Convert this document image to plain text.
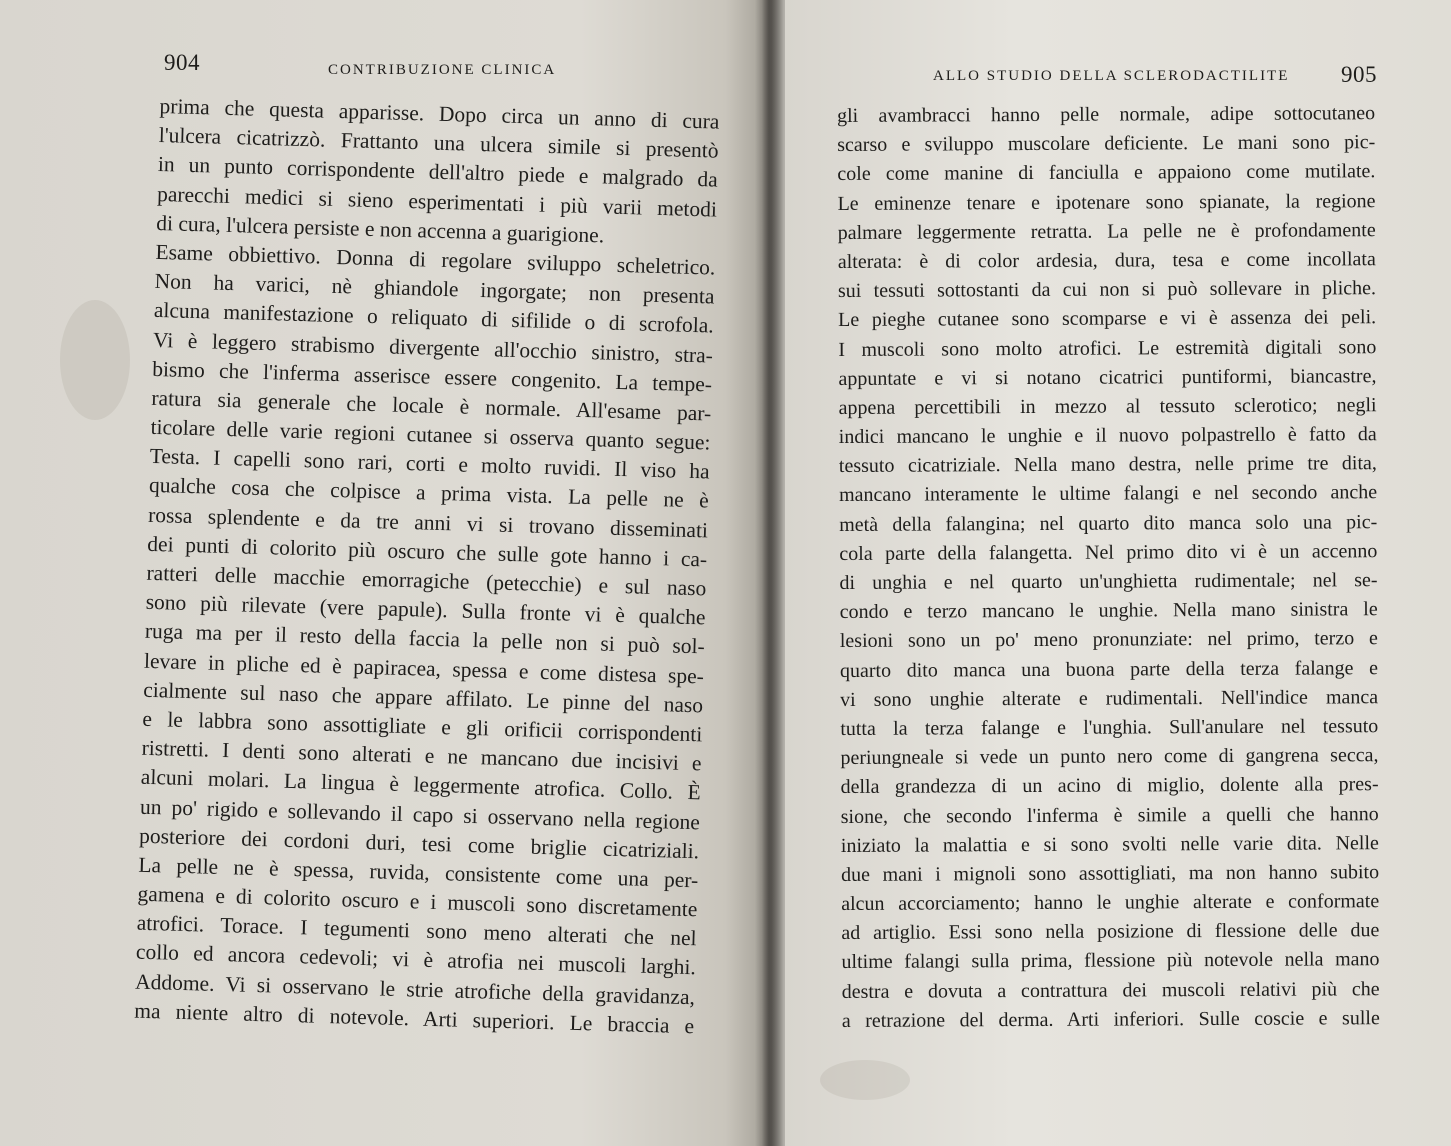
904	CONTRIBUZIONE CLINICA
prima che questa apparisse. Dopo circa un anno di cura
l'ulcera cicatrizzò. Frattanto una ulcera simile si presentò
in un punto corrispondente dell'altro piede e malgrado da
parecchi medici si sieno esperimentati i più varii metodi
di cura, l'ulcera persiste e non accenna a guarigione.
Esame obbiettivo. Donna di regolare sviluppo scheletrico.
Non ha varici, nè ghiandole ingorgate; non presenta
alcuna manifestazione o reliquato di sifilide o di scrofola.
Vi è leggero strabismo divergente all'occhio sinistro, stra-
bismo che l'inferma asserisce essere congenito. La tempe-
ratura sia generale che locale è normale. All'esame par-
ticolare delle varie regioni cutanee si osserva quanto segue:
Testa. I capelli sono rari, corti e molto ruvidi. Il viso ha
qualche cosa che colpisce a prima vista. La pelle ne è
rossa splendente e da tre anni vi si trovano disseminati
dei punti di colorito più oscuro che sulle gote hanno i ca-
ratteri delle macchie emorragiche (petecchie) e sul naso
sono più rilevate (vere papule). Sulla fronte vi è qualche
ruga ma per il resto della faccia la pelle non si può sol-
levare in pliche ed è papiracea, spessa e come distesa spe-
cialmente sul naso che appare affilato. Le pinne del naso
e le labbra sono assottigliate e gli orificii corrispondenti
ristretti. I denti sono alterati e ne mancano due incisivi e
alcuni molari. La lingua è leggermente atrofica. Collo. È
un po' rigido e sollevando il capo si osservano nella regione
posteriore dei cordoni duri, tesi come briglie cicatriziali.
La pelle ne è spessa, ruvida, consistente come una per-
gamena e di colorito oscuro e i muscoli sono discretamente
atrofici. Torace. I tegumenti sono meno alterati che nel
collo ed ancora cedevoli; vi è atrofia nei muscoli larghi.
Addome. Vi si osservano le strie atrofiche della gravidanza,
ma niente altro di notevole. Arti superiori. Le braccia e
ALLO STUDIO DELLA SCLERODACTILITE 905
gli avambracci hanno pelle normale, adipe sottocutaneo
scarso e sviluppo muscolare deficiente. Le mani sono pic-
cole come manine di fanciulla e appaiono come mutilate.
Le eminenze tenare e ipotenare sono spianate, la regione
palmare leggermente retratta. La pelle ne è profondamente
alterata: è di color ardesia, dura, tesa e come incollata
sui tessuti sottostanti da cui non si può sollevare in pliche.
Le pieghe cutanee sono scomparse e vi è assenza dei peli.
I muscoli sono molto atrofici. Le estremità digitali sono
appuntate e vi si notano cicatrici puntiformi, biancastre,
appena percettibili in mezzo al tessuto sclerotico; negli
indici mancano le unghie e il nuovo polpastrello è fatto da
tessuto cicatriziale. Nella mano destra, nelle prime tre dita,
mancano interamente le ultime falangi e nel secondo anche
metà della falangina; nel quarto dito manca solo una pic-
cola parte della falangetta. Nel primo dito vi è un accenno
di unghia e nel quarto un'unghietta rudimentale; nel se-
condo e terzo mancano le unghie. Nella mano sinistra le
lesioni sono un po' meno pronunziate: nel primo, terzo e
quarto dito manca una buona parte della terza falange e
vi sono unghie alterate e rudimentali. Nell'indice manca
tutta la terza falange e l'unghia. Sull'anulare nel tessuto
periungneale si vede un punto nero come di gangrena secca,
della grandezza di un acino di miglio, dolente alla pres-
sione, che secondo l'inferma è simile a quelli che hanno
iniziato la malattia e si sono svolti nelle varie dita. Nelle
due mani i mignoli sono assottigliati, ma non hanno subito
alcun accorciamento; hanno le unghie alterate e conformate
ad artiglio. Essi sono nella posizione di flessione delle due
ultime falangi sulla prima, flessione più notevole nella mano
destra e dovuta a contrattura dei muscoli relativi più che
a retrazione del derma. Arti inferiori. Sulle coscie e sulle
